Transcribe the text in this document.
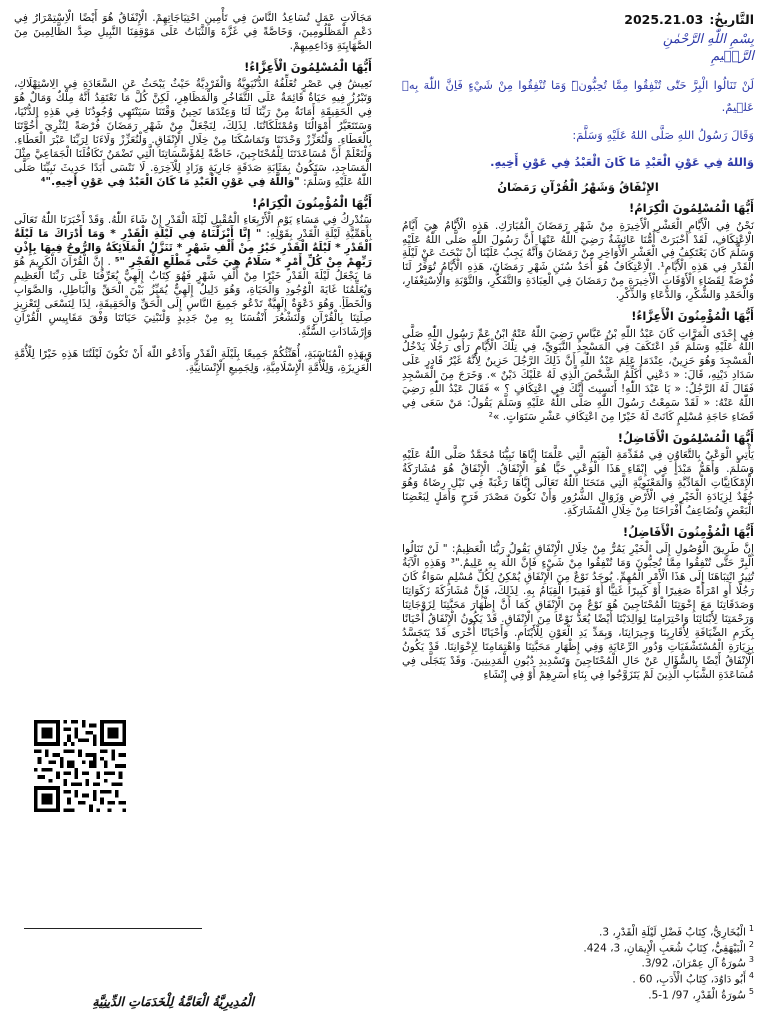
التَّاريخُ:
2025.21.03
بِسْمِ اللّٰهِ الرَّحْمٰنِ الرَّح۪يمِ

لَنْ تَنَالُوا الْبِرَّ حَتّٰى تُنْفِقُوا مِمَّا تُحِبُّونَۜ وَمَا تُنْفِقُوا مِنْ شَيْءٍ فَاِنَّ اللّٰهَ بِه۪ عَل۪يمٌ.

وَقَالَ رَسُولُ اللهِ صَلَّى اللهُ عَلَيْهِ وَسَلَّمَ:

وَاللهُ فِي عَوْنِ الْعَبْدِ مَا كَانَ الْعَبْدُ فِي عَوْنِ أَخِيهِ.

الإِنْفَاقُ وَشَهْرُ الْقُرْآنِ رَمَضَانُ
أَيُّهَا الْمُسْلِمُونَ الْكِرَامُ!

نَحْنُ فِي الْأَيَّامِ الْعَشْرِ الْأَخِيرَةِ مِنْ شَهْرِ رَمَضَانَ الْمُبَارَكِ. هَذِهِ الْأَيَّامُ هِيَ أَيَّامُ الْاِعْتِكَافِ، لَقَدْ أَخْبَرَتْ أُمُّنَا عَائِشَةُ رَضِيَ اللّٰهُ عَنْهَا أَنَّ رَسُولَ اللّٰهِ صَلَّى اللّٰهُ عَلَيْهِ وَسَلَّمَ كَانَ يَعْتَكِفُ فِي الْعَشْرِ الْأَوَاخِرِ مِنْ رَمَضَانَ وَأَنَّهُ يَجِبُ عَلَيْنَا أَنْ نَبْحَثَ عَنْ لَيْلَةِ الْقَدْرِ فِي هَذِهِ الْأَيَّامِ¹. الْاِعْتِكَافُ هُوَ أَحَدُ سُنَنِ شَهْرِ رَمَضَانَ، هَذِهِ الْأَيَّامُ تُوَفِّرُ لَنَا فُرْصَةً لِقَضَاءِ الْأَوْقَاتِ الْأَخِيرَةِ مِنْ رَمَضَانَ فِي الْعِبَادَةِ وَالتَّفَكُّرِ، وَالتَّوْبَةِ وَالْاِسْتِغْفَارِ، وَالْحَمْدِ وَالشُّكْرِ، وَالدُّعَاءِ وَالذِّكْرِ.

أَيُّهَا الْمُؤْمِنُونَ الْأَعِزَّاءُ!

فِي إِحْدَى الْمَرَّاتِ كَانَ عَبْدُ اللّٰهِ بْنُ عَبَّاسٍ رَضِيَ اللّٰهُ عَنْهُ ابْنُ عَمِّ رَسُولِ اللّٰهِ صَلَّى اللّٰهُ عَلَيْهِ وَسَلَّمَ قَدِ اعْتَكَفَ فِي الْمَسْجِدِ النَّبَوِيِّ، فِي تِلْكَ الْأَيَّامِ رَأَى رَجُلًا يَدْخُلُ الْمَسْجِدَ وَهُوَ حَزِينٌ، عِنْدَمَا عَلِمَ عَبْدُ اللّٰهِ أَنَّ ذَلِكَ الرَّجُلَ حَزِينٌ لِأَنَّهُ غَيْرُ قَادِرٍ عَلَى سَدَادِ دَيْنِهِ، قَالَ: « دَعْنِي أُكَلِّمُ الشَّخْصَ الَّذِي لَهُ عَلَيْكَ دَيْنٌ ». وَخَرَجَ مِنَ الْمَسْجِدِ فَقَالَ لَهُ الرَّجُلُ: « يَا عَبْدَ اللّٰهِ! أَنَسِيتَ أَنَّكَ فِي اعْتِكَافٍ ؟ » فَقَالَ عَبْدُ اللّٰهِ رَضِيَ اللّٰهُ عَنْهُ: « لَقَدْ سَمِعْتُ رَسُولَ اللّٰهِ صَلَّى اللّٰهُ عَلَيْهِ وَسَلَّمَ يَقُولُ: مَنْ سَعَى فِي قَضَاءِ حَاجَةِ مُسْلِمٍ كَانَتْ لَهُ خَيْرًا مِنَ اعْتِكَافِ عَشْرِ سَنَوَاتٍ. »²

أَيُّهَا الْمُسْلِمُونَ الْأَفَاضِلُ!

يَأْتِي الْوَعْيُ بِالتَّعَاوُنِ فِي مُقَدِّمَةِ الْقِيَمِ الَّتِي عَلَّمَنَا إِيَّاهَا نَبِيُّنَا مُحَمَّدٌ صَلَّى اللّٰهُ عَلَيْهِ وَسَلَّمَ. وَأَهَمُّ مَبْدَأٍ فِي إِبْقَاءِ هَذَا الْوَعْيِ حَيًّا هُوَ الْإِنْفَاقُ. الْإِنْفَاقُ هُوَ مُشَارَكَةُ الْإِمْكَانِيَّاتِ الْمَادِّيَّةِ وَالْمَعْنَوِيَّةِ الَّتِي مَنَحَنَا اللّٰهُ تَعَالَى إِيَّاهَا رَغْبَةً فِي نَيْلِ رِضَاهُ وَهُوَ جُهْدٌ لِزِيَادَةِ الْخَيْرِ فِي الْأَرْضِ وَزَوَالِ الشُّرُورِ وَأَنْ نَكُونَ مَصْدَرَ فَرَحٍ وَأَمَلٍ لِبَعْضِنَا الْبَعْضِ وَنُضَاعِفُ أَفْرَاحَنَا مِنْ خِلَالِ الْمُشَارَكَةِ.

أَيُّهَا الْمُؤْمِنُونَ الْأَفَاضِلُ!

إِنَّ طَرِيقَ الْوُصُولِ إِلَى الْخَيْرِ يَمُرُّ مِنْ خِلَالِ الْإِنْفَاقِ يَقُولُ رَبُّنَا الْعَظِيمُ: " لَنْ تَنَالُوا الْبِرَّ حَتَّى تُنْفِقُوا مِمَّا تُحِبُّونَ وَمَا تُنْفِقُوا مِنْ شَيْءٍ فَإِنَّ اللّٰهَ بِهِ عَلِيمٌ."³ وَهَذِهِ الْآيَةُ تُثِيرُ انْتِبَاهَنَا إِلَى هَذَا الْأَمْرِ الْمُهِمِّ. يُوجَدُ نَوْعٌ مِنَ الْإِنْفَاقِ يُمْكِنُ لِكُلِّ مُسْلِمٍ سَوَاءٌ كَانَ رَجُلًا أَوِ امْرَأَةً صَغِيرًا أَوْ كَبِيرًا غَنِيًّا أَوْ فَقِيرًا الْقِيَامُ بِهِ. لِذَلِكَ، فَإِنَّ مُشَارَكَةَ زَكَوَاتِنَا وَصَدَقَاتِنَا مَعَ إِخْوَتِنَا الْمُحْتَاجِينَ هُوَ نَوْعٌ مِنَ الْإِنْفَاقِ كَمَا أَنَّ إِظْهَارَ مَحَبَّتِنَا لِزَوْجَاتِنَا وَرَحْمَتِنَا لِأَبْنَائِنَا وَاحْتِرَامِنَا لِوَالِدَيْنَا أَيْضًا يُعَدُّ نَوْعًا مِنَ الْإِنْفَاقِ. قَدْ يَكُونُ الْإِنْفَاقُ أَحْيَانًا بِكَرَمِ الضِّيَافَةِ لِأَقَارِبِنَا وَجِيرَانِنَا، وَبِمَدِّ يَدِ الْعَوْنِ لِلْأَيْتَامِ. وَأَحْيَانًا أُخْرَى قَدْ يَتَجَسَّدُ بِزِيَارَةِ الْمُسْتَشْفَيَاتِ وَدُورِ الرِّعَايَةِ وَفِي إِظْهَارِ مَحَبَّتِنَا وَاهْتِمَامِنَا لِإِخْوَانِنَا. قَدْ يَكُونُ الْإِنْفَاقُ أَيْضًا بِالسُّؤَالِ عَنْ حَالِ الْمُحْتَاجِينَ وَتَسْدِيدِ دُيُونِ الْمَدِينِينَ. وَقَدْ يَتَجَلَّى فِي مُسَاعَدَةِ الشَّبَابِ الَّذِينَ لَمْ يَتَزَوَّجُوا فِي بِنَاءِ أُسَرِهِمْ أَوْ فِي إِنْشَاءِ

مَجَالَاتِ عَمَلٍ تُسَاعِدُ النَّاسَ فِي تَأْمِينِ احْتِيَاجَاتِهِمْ. الْإِنْفَاقُ هُوَ أَيْضًا الْاِسْتِمْرَارُ فِي دَعْمِ الْمَظْلُومِينَ، وَخَاصَّةً فِي غَزَّةَ وَالثَّبَاتُ عَلَى مَوْقِفِنَا النَّبِيلِ ضِدَّ الظَّالِمِينَ مِنَ الصَّهَايِنَةِ وَدَاعِمِيهِمْ.

أَيُّهَا الْمُسْلِمُونَ الْأَعِزَّاءُ!

نَعِيشُ فِي عَصْرٍ تُغَلِّفُهُ الدُّنْيَوِيَّةُ وَالْفَرْدِيَّةُ حَيْثُ يَبْحَثُ عَنِ السَّعَادَةِ فِي الِاسْتِهْلَاكِ، وَتَبْرُزُ فِيهِ حَيَاةٌ قَائِمَةٌ عَلَى التَّفَاخُرِ وَالْمَظَاهِرِ، لَكِنَّ كُلَّ مَا نَعْتَقِدُ أَنَّهُ مِلْكٌ وَمَالٌ هُوَ فِي الْحَقِيقَةِ أَمَانَةٌ مِنْ رَبِّنَا لَنَا وَعِنْدَمَا نَحِينُ وَقْتَنَا سَيَنْتَهِي وُجُودُنَا فِي هَذِهِ الدُّنْيَا، وَسَتَتَغَيَّرُ أَمْوَالُنَا وَمُمْتَلَكَاتُنَا. لِذَلِكَ، لِنَجْعَلْ مِنْ شَهْرِ رَمَضَانَ فُرْصَةً لِنُثْرِيَ أُخُوَّتَنَا بِالْعَطَاءِ. وَلْنُعَزِّزْ وَحْدَتَنَا وَتَمَاسُكَنَا مِنْ خِلَالِ الْإِنْفَاقِ. وَلْنُعَزِّزْ وَلَاءَنَا لِرَبِّنَا عَبْرَ الْعَطَاءِ. وَلْنَعْلَمْ أَنَّ مُسَاعَدَتَنَا لِلْمُحْتَاجِينَ، خَاصَّةً لِمُؤَسَّسَاتِنَا الَّتِي تَضْمَنُ تَكَافُلَنَا الْجَمَاعِيَّ مِثْلَ الْمَسَاجِدِ، سَتَكُونُ بِمَثَابَةِ صَدَقَةٍ جَارِيَةٍ وَزَادٍ لِلْآخِرَةِ. لَا نَنْسَى أَبَدًا حَدِيثَ نَبِيِّنَا صَلَّى اللّٰهُ عَلَيْهِ وَسَلَّمَ: "وَاللَّهُ فِي عَوْنِ الْعَبْدِ مَا كَانَ الْعَبْدُ فِي عَوْنِ أَخِيهِ."⁴

أَيُّهَا الْمُؤْمِنُونَ الْكِرَامُ!

سَنُدْرِكُ فِي مَسَاءِ يَوْمِ الْأَرْبِعَاءِ الْمُقْبِلِ لَيْلَةَ الْقَدْرِ إِنْ شَاءَ اللّٰهُ. وَقَدْ أَخْبَرَنَا اللّٰهُ تَعَالَى بِأَهَمِّيَّةِ لَيْلَةِ الْقَدْرِ بِقَوْلِهِ: " إِنَّا أَنْزَلْنَاهُ فِي لَيْلَةِ الْقَدْرِ * وَمَا أَدْرَاكَ مَا لَيْلَةُ الْقَدْرِ * لَيْلَةُ الْقَدْرِ خَيْرٌ مِنْ أَلْفِ شَهْرٍ * تَنَزَّلُ الْمَلَائِكَةُ وَالرُّوحُ فِيهَا بِإِذْنِ رَبِّهِمْ مِنْ كُلِّ أَمْرٍ * سَلَامٌ هِيَ حَتَّى مَطْلَعِ الْفَجْرِ "⁵ . إِنَّ الْقُرْآنَ الْكَرِيمَ هُوَ مَا يَجْعَلُ لَيْلَةَ الْقَدْرِ خَيْرًا مِنْ أَلْفِ شَهْرٍ فَهُوَ كِتَابٌ إِلَهِيٌّ يُعَرِّفُنَا عَلَى رَبِّنَا الْعَظِيمِ وَيُعَلِّمُنَا غَايَةَ الْوُجُودِ وَالْحَيَاةِ، وَهُوَ دَلِيلٌ إِلَهِيٌّ يُمَيِّزُ بَيْنَ الْحَقِّ وَالْبَاطِلِ، وَالصَّوَابِ وَالْخَطَأِ. وَهُوَ دَعْوَةٌ إِلَهِيَّةٌ تَدْعُو جَمِيعَ النَّاسِ إِلَى الْحَقِّ وَالْحَقِيقَةِ، لِذَا لِنَسْعَى لِتَعْزِيزِ صِلَتِنَا بِالْقُرْآنِ وَلْنَشْعُرَ أَنْفُسَنَا بِهِ مِنْ جَدِيدٍ وَلْنَبْنِيَ حَيَاتَنَا وَفْقَ مَقَايِيسِ الْقُرْآنِ وَإِرْشَادَاتِ السُّنَّةِ.

وَبِهَذِهِ الْمُنَاسَبَةِ، أُهَنِّئُكُمْ جَمِيعًا بِلَيْلَةِ الْقَدْرِ وَأَدْعُو اللّٰهَ أَنْ تَكُونَ لَيْلَتُنَا هَذِهِ خَيْرًا لِلْأُمَّةِ الْعَزِيزَةِ، وَلِلْأُمَّةِ الْإِسْلَامِيَّةِ، وَلِجَمِيعِ الْإِنْسَانِيَّةِ.

$^1$الْبُخَارِيُّ، كِتَابُ فَضْلِ لَيْلَةِ الْقَدْرِ، 3.
$^2$الْبَيْهَقِيُّ، كِتَابُ شُعَبِ الْإِيمَانِ، 3، 424.
$^3$سُورَةُ آلِ عِمْرَانَ، 3/92.
$^4$أَبُو دَاوُدَ، كِتَابُ الْأَدَبِ، 60 .
$^5$سُورَةُ الْقَدْرِ، 97/ 1-5.
الْمُدِيرِيَّةُ الْعَامَّةُ لِلْخَدَمَاتِ الدِّينِيَّةِ
